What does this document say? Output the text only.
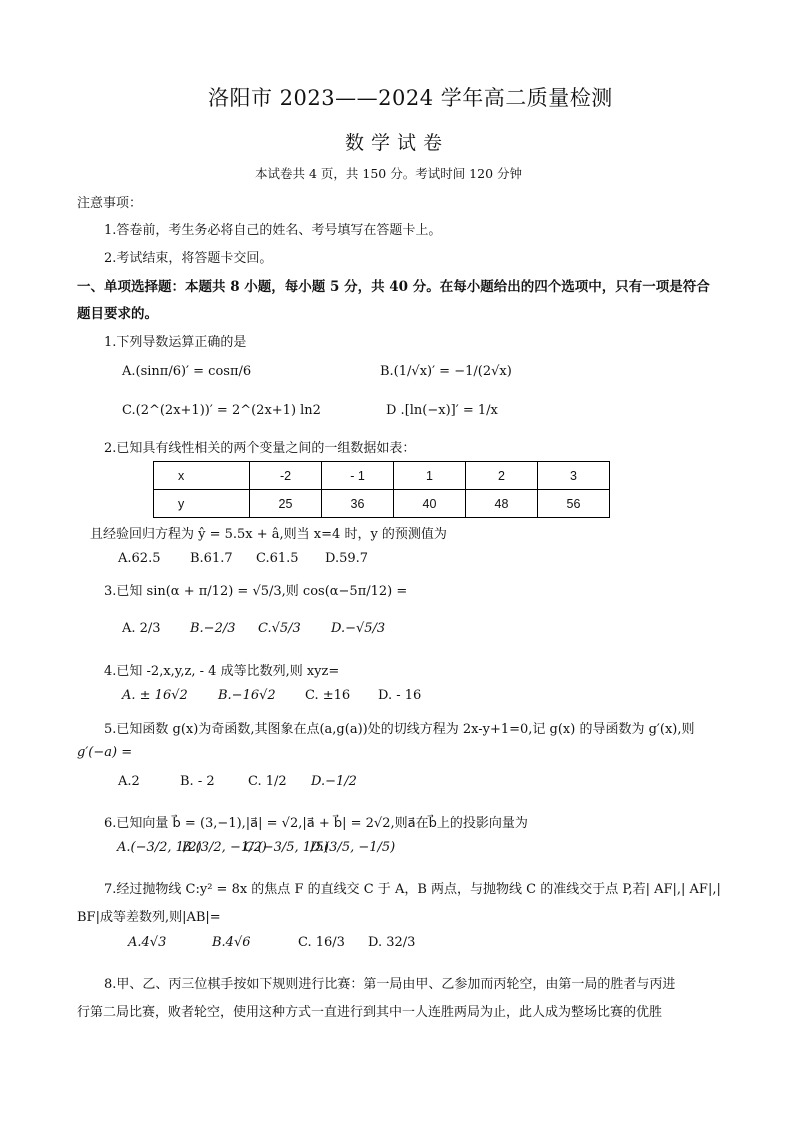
洛阳市 2023——2024 学年高二质量检测
数学试卷
本试卷共 4 页，共 150 分。考试时间 120 分钟
注意事项：
1.答卷前，考生务必将自己的姓名、考号填写在答题卡上。
2.考试结束，将答题卡交回。
一、单项选择题：本题共 8 小题，每小题 5 分，共 40 分。在每小题给出的四个选项中，只有一项是符合
题目要求的。
1.下列导数运算正确的是
A.(sinπ/6)′ = cosπ/6	B.(1/√x)′ = −1/(2√x)
C.(2^(2x+1))′ = 2^(2x+1) ln2	D .[ln(−x)]′ = 1/x
2.已知具有线性相关的两个变量之间的一组数据如表：
x	-2	- 1	1	2	3
y	25	36	40	48	56
且经验回归方程为 ŷ = 5.5x + â,则当 x=4 时，y 的预测值为
A.62.5 B.61.7 C.61.5 D.59.7
3.已知 sin(α + π/12) = √5/3,则 cos(α−5π/12) =
A. 2/3 B.−2/3 C.√5/3 D.−√5/3
4.已知 -2,x,y,z, - 4 成等比数列,则 xyz=
A. ± 16√2 B.−16√2 C. ±16 D. - 16
5.已知函数 g(x)为奇函数,其图象在点(a,g(a))处的切线方程为 2x-y+1=0,记 g(x) 的导函数为 g′(x),则
g′(−a) =
A.2	B. - 2	C. 1/2 D.−1/2
6.已知向量 b⃗ = (3,−1),|a⃗| = √2,|a⃗ + b⃗| = 2√2,则a⃗在b⃗上的投影向量为
A.(−3/2, 1/2)
B.(3/2, −1/2)
C.(−3/5, 1/5)
D.(3/5, −1/5)
7.经过抛物线 C:y² = 8x 的焦点 F 的直线交 C 于 A，B 两点，与抛物线 C 的准线交于点 P,若| AF|,| AF|,|
BF|成等差数列,则|AB|=
A.4√3	B.4√6	C. 16/3 D. 32/3
8.甲、乙、丙三位棋手按如下规则进行比赛：第一局由甲、乙参加而丙轮空，由第一局的胜者与丙进
行第二局比赛，败者轮空，使用这种方式一直进行到其中一人连胜两局为止，此人成为整场比赛的优胜
